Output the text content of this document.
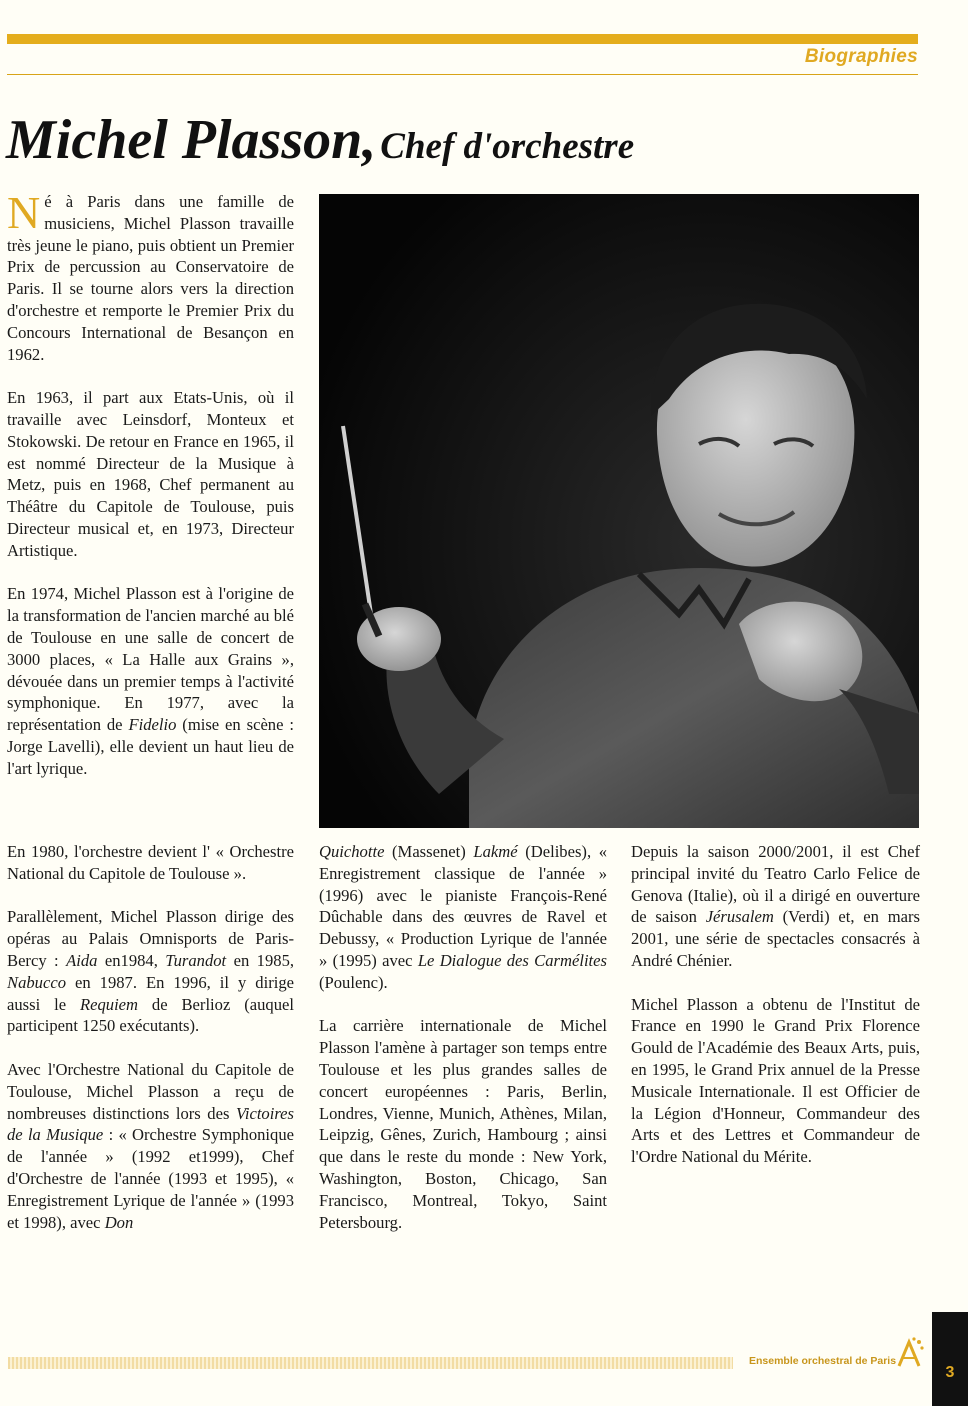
Biographies
Michel Plasson, Chef d'orchestre

Né à Paris dans une famille de musiciens, Michel Plasson travaille très jeune le piano, puis obtient un Premier Prix de percussion au Conservatoire de Paris. Il se tourne alors vers la direction d'orchestre et remporte le Premier Prix du Concours International de Besançon en 1962.

En 1963, il part aux Etats-Unis, où il travaille avec Leinsdorf, Monteux et Stokowski. De retour en France en 1965, il est nommé Directeur de la Musique à Metz, puis en 1968, Chef permanent au Théâtre du Capitole de Toulouse, puis Directeur musical et, en 1973, Directeur Artistique.

En 1974, Michel Plasson est à l'origine de la transformation de l'ancien marché au blé de Toulouse en une salle de concert de 3000 places, « La Halle aux Grains », dévouée dans un premier temps à l'activité symphonique. En 1977, avec la représentation de Fidelio (mise en scène : Jorge Lavelli), elle devient un haut lieu de l'art lyrique.

En 1980, l'orchestre devient l' « Orchestre National du Capitole de Toulouse ».

Parallèlement, Michel Plasson dirige des opéras au Palais Omnisports de Paris-Bercy : Aida en1984, Turandot en 1985, Nabucco en 1987. En 1996, il y dirige aussi le Requiem de Berlioz (auquel participent 1250 exécutants).

Avec l'Orchestre National du Capitole de Toulouse, Michel Plasson a reçu de nombreuses distinctions lors des Victoires de la Musique : « Orchestre Symphonique de l'année » (1992 et1999), Chef d'Orchestre de l'année (1993 et 1995), « Enregistrement Lyrique de l'année » (1993 et 1998), avec Don

Quichotte (Massenet) Lakmé (Delibes), « Enregistrement classique de l'année » (1996) avec le pianiste François-René Dûchable dans des œuvres de Ravel et Debussy, « Production Lyrique de l'année » (1995) avec Le Dialogue des Carmélites (Poulenc).

La carrière internationale de Michel Plasson l'amène à partager son temps entre Toulouse et les plus grandes salles de concert européennes : Paris, Berlin, Londres, Vienne, Munich, Athènes, Milan, Leipzig, Gênes, Zurich, Hambourg ; ainsi que dans le reste du monde : New York, Washington, Boston, Chicago, San Francisco, Montreal, Tokyo, Saint Petersbourg.

Depuis la saison 2000/2001, il est Chef principal invité du Teatro Carlo Felice de Genova (Italie), où il a dirigé en ouverture de saison Jérusalem (Verdi) et, en mars 2001, une série de spectacles consacrés à André Chénier.

Michel Plasson a obtenu de l'Institut de France en 1990 le Grand Prix Florence Gould de l'Académie des Beaux Arts, puis, en 1995, le Grand Prix annuel de la Presse Musicale Internationale. Il est Officier de la Légion d'Honneur, Commandeur des Arts et des Lettres et Commandeur de l'Ordre National du Mérite.

Ensemble orchestral de Paris
3
